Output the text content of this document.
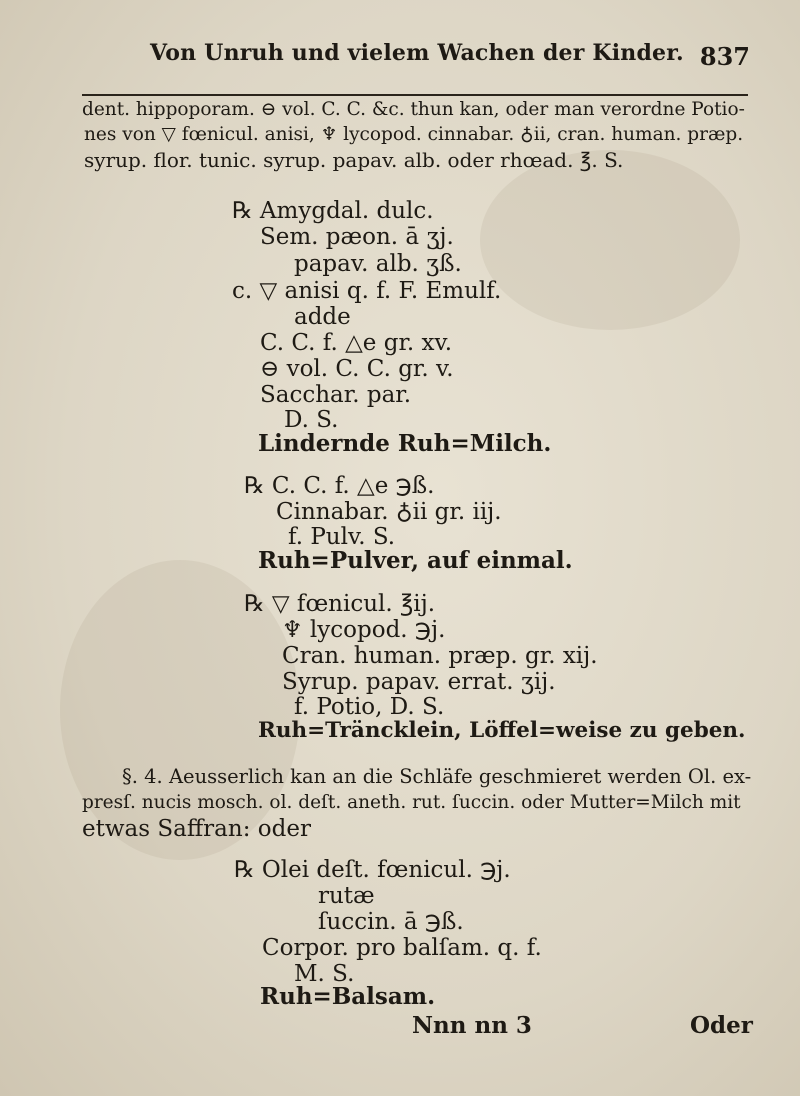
Von Unruh und vielem Wachen der Kinder. 837
dent. hippoporam. ⊖ vol. C. C. &c. thun kan, oder man verordne Potio-
nes von ▽ fœnicul. anisi, ♆ lycopod. cinnabar. ♁ii, cran. human. præp.
syrup. flor. tunic. syrup. papav. alb. oder rhœad. ℥. S.
℞ Amygdal. dulc.
Sem. pæon. ā ʒj.
papav. alb. ʒß.
c. ▽ anisi q. f. F. Emulf.
adde
C. C. f. △e gr. xv.
⊖ vol. C. C. gr. v.
Sacchar. par.
D. S.
Lindernde Ruh=Milch.
℞ C. C. f. △e ℈ß.
Cinnabar. ♁ii gr. iij.
f. Pulv. S.
Ruh=Pulver, auf einmal.
℞ ▽ fœnicul. ℥ij.
♆ lycopod. ℈j.
Cran. human. præp. gr. xij.
Syrup. papav. errat. ʒij.
f. Potio, D. S.
Ruh=Träncklein, Löffel=weise zu geben.
§. 4. Aeusserlich kan an die Schläfe geschmieret werden Ol. ex-
presſ. nucis mosch. ol. deſt. aneth. rut. ſuccin. oder Mutter=Milch mit
etwas Saffran: oder
℞ Olei deſt. fœnicul. ℈j.
rutæ
ſuccin. ā ℈ß.
Corpor. pro balſam. q. f.
M. S.
Ruh=Balsam.
Nnn nn 3	Oder
